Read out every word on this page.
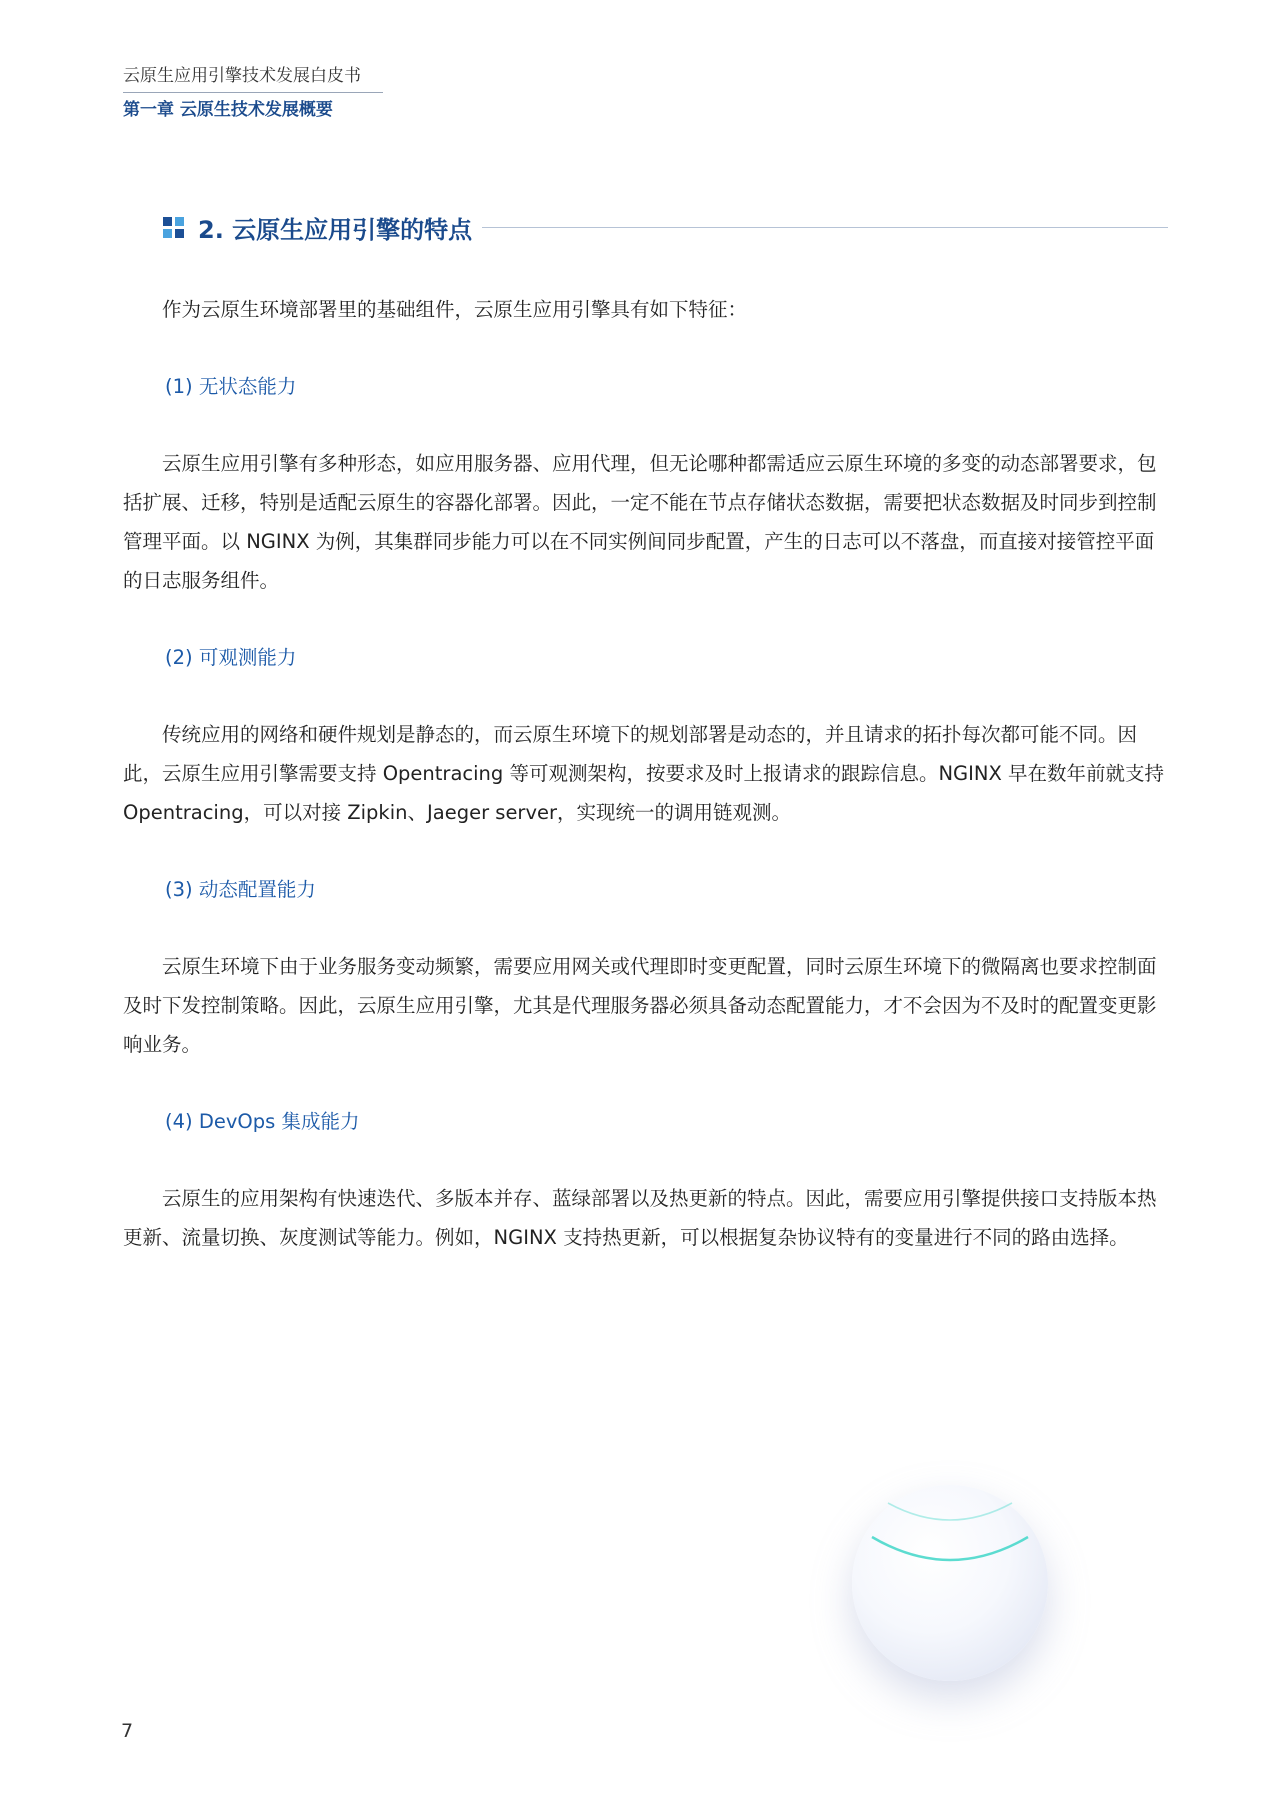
云原生应用引擎技术发展白皮书
第一章 云原生技术发展概要
2. 云原生应用引擎的特点

作为云原生环境部署里的基础组件，云原生应用引擎具有如下特征：

(1) 无状态能力

云原生应用引擎有多种形态，如应用服务器、应用代理，但无论哪种都需适应云原生环境的多变的动态部署要求，包括扩展、迁移，特别是适配云原生的容器化部署。因此，一定不能在节点存储状态数据，需要把状态数据及时同步到控制管理平面。以 NGINX 为例，其集群同步能力可以在不同实例间同步配置，产生的日志可以不落盘，而直接对接管控平面的日志服务组件。

(2) 可观测能力

传统应用的网络和硬件规划是静态的，而云原生环境下的规划部署是动态的，并且请求的拓扑每次都可能不同。因此，云原生应用引擎需要支持 Opentracing 等可观测架构，按要求及时上报请求的跟踪信息。NGINX 早在数年前就支持 Opentracing，可以对接 Zipkin、Jaeger server，实现统一的调用链观测。

(3) 动态配置能力

云原生环境下由于业务服务变动频繁，需要应用网关或代理即时变更配置，同时云原生环境下的微隔离也要求控制面及时下发控制策略。因此，云原生应用引擎，尤其是代理服务器必须具备动态配置能力，才不会因为不及时的配置变更影响业务。

(4) DevOps 集成能力

云原生的应用架构有快速迭代、多版本并存、蓝绿部署以及热更新的特点。因此，需要应用引擎提供接口支持版本热更新、流量切换、灰度测试等能力。例如，NGINX 支持热更新，可以根据复杂协议特有的变量进行不同的路由选择。

7
